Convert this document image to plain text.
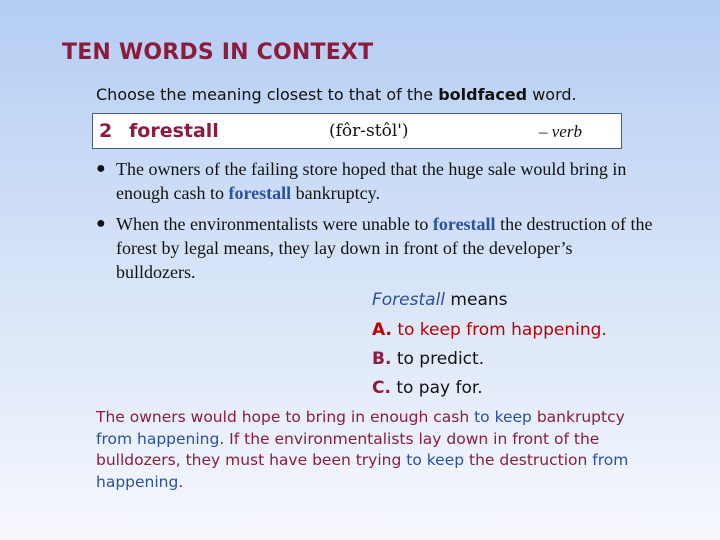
TEN WORDS IN CONTEXT
Choose the meaning closest to that of the boldfaced word.
2 forestall	(fôr-stôl')	– verb
● The owners of the failing store hoped that the huge sale would bring in enough cash to forestall bankruptcy.
● When the environmentalists were unable to forestall the destruction of the forest by legal means, they lay down in front of the developer’s bulldozers.
Forestall means
A. to keep from happening.
B. to predict.
C. to pay for.
The owners would hope to bring in enough cash to keep bankruptcy from happening. If the environmentalists lay down in front of the bulldozers, they must have been trying to keep the destruction from happening.
